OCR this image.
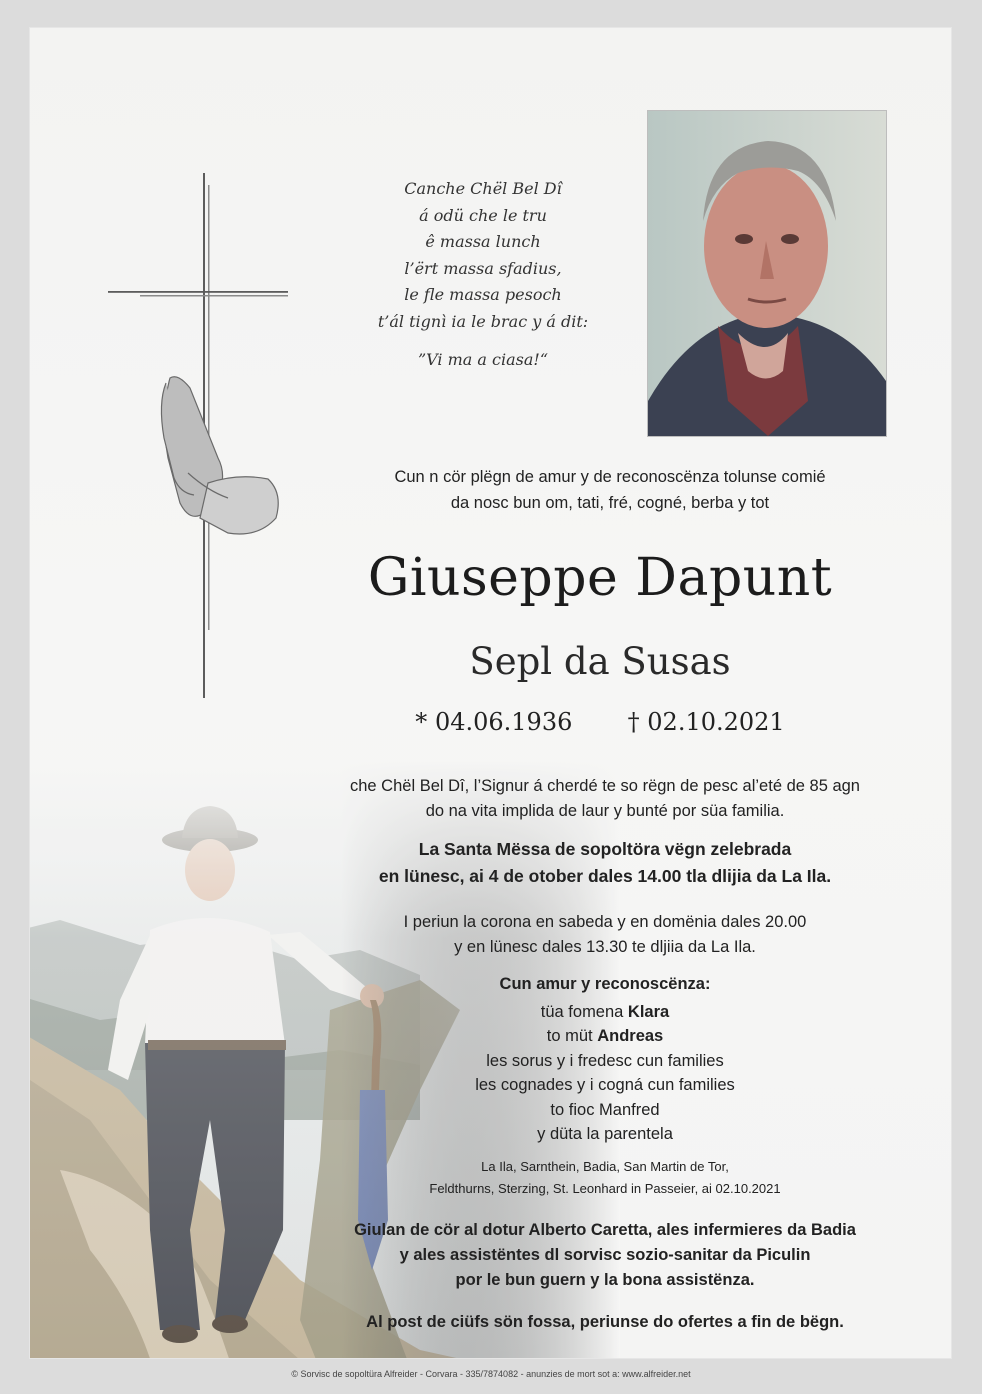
Canche Chël Bel Dî
á odü che le tru
ê massa lunch
l’ërt massa sfadius,
le fle massa pesoch
t’ál tignì ia le brac y á dit:
”Vi ma a ciasa!“
Cun n cör plëgn de amur y de reconoscënza tolunse comié
da nosc bun om, tati, fré, cogné, berba y tot
Giuseppe Dapunt
Sepl da Susas
* 04.06.1936 † 02.10.2021
che Chël Bel Dî, l’Signur á cherdé te so rëgn de pesc al’eté de 85 agn
do na vita implida de laur y bunté por süa familia.
La Santa Mëssa de sopoltöra vëgn zelebrada
en lünesc, ai 4 de otober dales 14.00 tla dlijia da La Ila.
I periun la corona en sabeda y en domënia dales 20.00
y en lünesc dales 13.30 te dljiia da La Ila.
Cun amur y reconoscënza:
tüa fomena Klara
to müt Andreas
les sorus y i fredesc cun families
les cognades y i cogná cun families
to fioc Manfred
y düta la parentela
La Ila, Sarnthein, Badia, San Martin de Tor,
Feldthurns, Sterzing, St. Leonhard in Passeier, ai 02.10.2021
Giulan de cör al dotur Alberto Caretta, ales infermieres da Badia
y ales assistëntes dl sorvisc sozio-sanitar da Piculin
por le bun guern y la bona assistënza.
Al post de ciüfs sön fossa, periunse do ofertes a fin de bëgn.
© Sorvisc de sopoltüra Alfreider - Corvara - 335/7874082 - anunzies de mort sot a: www.alfreider.net
